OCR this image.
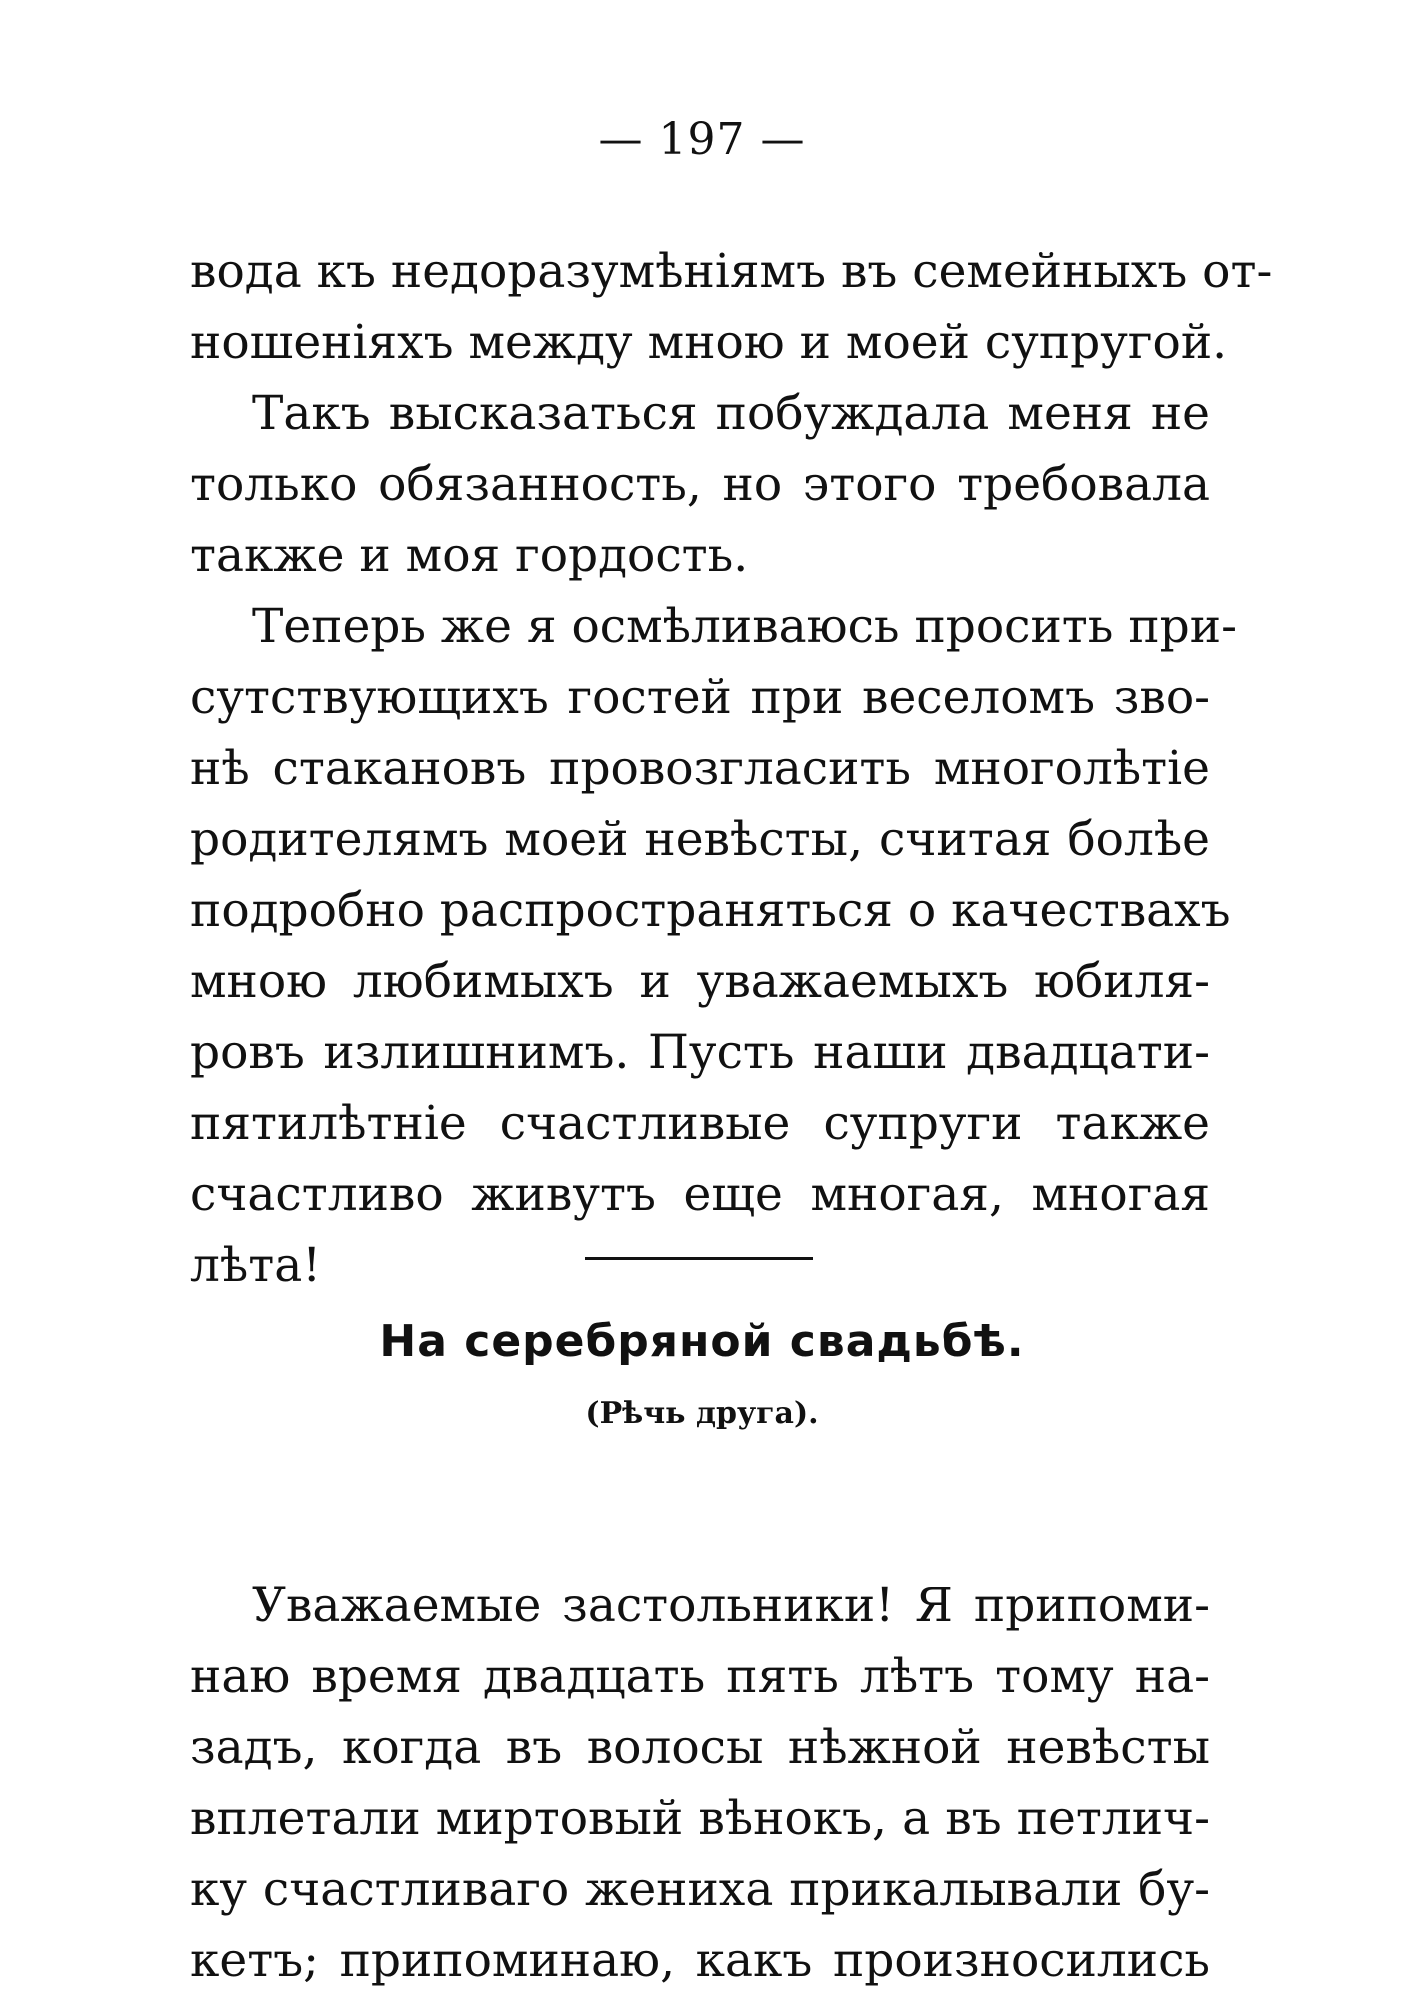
— 197 —
вода къ недоразумѣніямъ въ семейныхъ от-
ношеніяхъ между мною и моей супругой.
Такъ высказаться побуждала меня не
только обязанность, но этого требовала
также и моя гордость.
Теперь же я осмѣливаюсь просить при-
сутствующихъ гостей при веселомъ зво-
нѣ стакановъ провозгласить многолѣтіе
родителямъ моей невѣсты, считая болѣе
подробно распространяться о качествахъ
мною любимыхъ и уважаемыхъ юбиля-
ровъ излишнимъ. Пусть наши двадцати-
пятилѣтніе счастливые супруги также
счастливо живутъ еще многая, многая
лѣта!
На серебряной свадьбѣ.
(Рѣчь друга).
Уважаемые застольники! Я припоми-
наю время двадцать пять лѣтъ тому на-
задъ, когда въ волосы нѣжной невѣсты
вплетали миртовый вѣнокъ, а въ петлич-
ку счастливаго жениха прикалывали бу-
кетъ; припоминаю, какъ произносились
